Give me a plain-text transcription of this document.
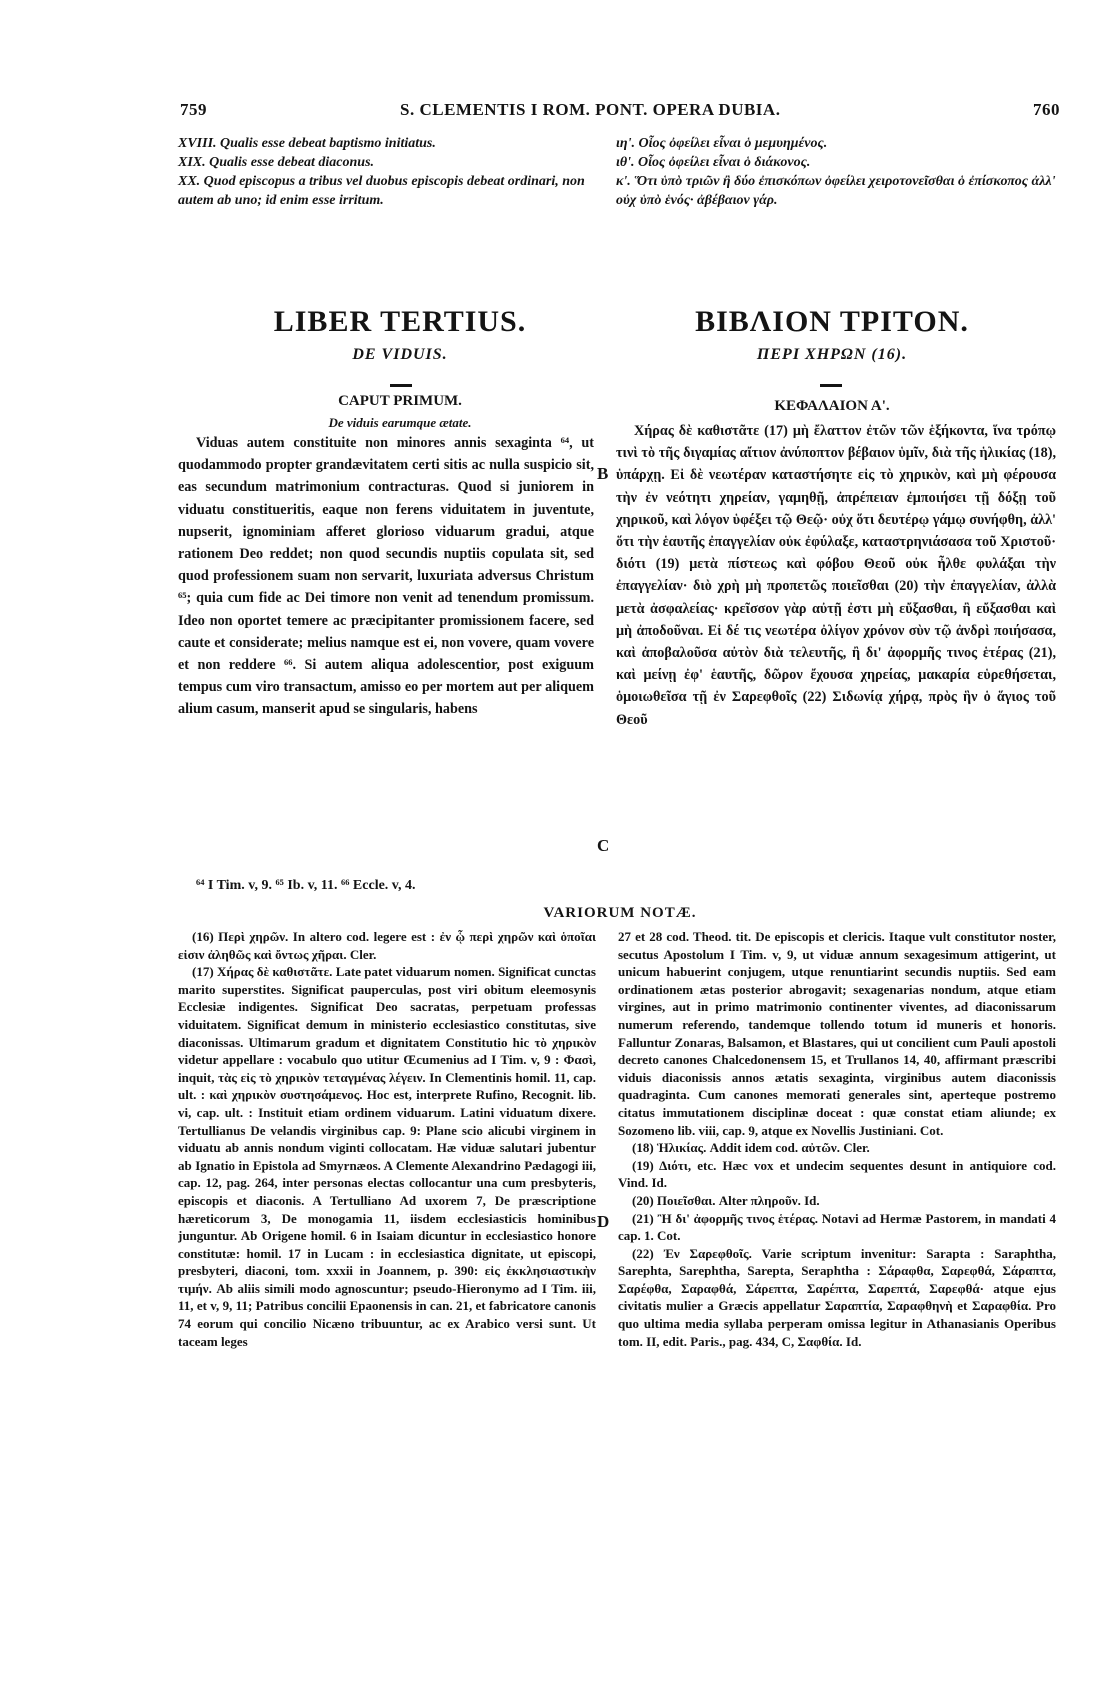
759	S. CLEMENTIS I ROM. PONT. OPERA DUBIA.	760
XVIII. Qualis esse debeat baptismo initiatus.
XIX. Qualis esse debeat diaconus.
XX. Quod episcopus a tribus vel duobus episcopis debeat ordinari, non autem ab uno; id enim esse irritum.
ιη'. Οἷος ὀφείλει εἶναι ὁ μεμυημένος.
ιθ'. Οἷος ὀφείλει εἶναι ὁ διάκονος.
κ'. Ὅτι ὑπὸ τριῶν ἢ δύο ἐπισκόπων ὀφείλει χειροτονεῖσθαι ὁ ἐπίσκοπος ἀλλ' οὐχ ὑπὸ ἑνός· ἀβέβαιον γάρ.
LIBER TERTIUS.
DE VIDUIS.
CAPUT PRIMUM.
De viduis earumque ætate.
ΒΙΒΛΙΟΝ ΤΡΙΤΟΝ.
ΠΕΡΙ ΧΗΡΩΝ (16).
ΚΕΦΑΛΑΙΟΝ Α'.

Viduas autem constituite non minores annis sexaginta ⁶⁴, ut quodammodo propter grandævitatem certi sitis ac nulla suspicio sit, eas secundum matrimonium contracturas. Quod si juniorem in viduatu constitueritis, eaque non ferens viduitatem in juventute, nupserit, ignominiam afferet glorioso viduarum gradui, atque rationem Deo reddet; non quod secundis nuptiis copulata sit, sed quod professionem suam non servarit, luxuriata adversus Christum ⁶⁵; quia cum fide ac Dei timore non venit ad tenendum promissum. Ideo non oportet temere ac præcipitanter promissionem facere, sed caute et considerate; melius namque est ei, non vovere, quam vovere et non reddere ⁶⁶. Si autem aliqua adolescentior, post exiguum tempus cum viro transactum, amisso eo per mortem aut per aliquem alium casum, manserit apud se singularis, habens

Χήρας δὲ καθιστᾶτε (17) μὴ ἔλαττον ἐτῶν τῶν ἑξήκοντα, ἵνα τρόπῳ τινὶ τὸ τῆς διγαμίας αἴτιον ἀνύποπτον βέβαιον ὑμῖν, διὰ τῆς ἡλικίας (18), ὑπάρχῃ. Εἰ δὲ νεωτέραν καταστήσητε εἰς τὸ χηρικὸν, καὶ μὴ φέρουσα τὴν ἐν νεότητι χηρείαν, γαμηθῇ, ἀπρέπειαν ἐμποιήσει τῇ δόξῃ τοῦ χηρικοῦ, καὶ λόγον ὑφέξει τῷ Θεῷ· οὐχ ὅτι δευτέρῳ γάμῳ συνήφθη, ἀλλ' ὅτι τὴν ἑαυτῆς ἐπαγγελίαν οὐκ ἐφύλαξε, καταστρηνιάσασα τοῦ Χριστοῦ· διότι (19) μετὰ πίστεως καὶ φόβου Θεοῦ οὐκ ἦλθε φυλάξαι τὴν ἐπαγγελίαν· διὸ χρὴ μὴ προπετῶς ποιεῖσθαι (20) τὴν ἐπαγγελίαν, ἀλλὰ μετὰ ἀσφαλείας· κρεῖσσον γὰρ αὐτῇ ἐστι μὴ εὔξασθαι, ἢ εὔξασθαι καὶ μὴ ἀποδοῦναι. Εἰ δέ τις νεωτέρα ὀλίγον χρόνον σὺν τῷ ἀνδρὶ ποιήσασα, καὶ ἀποβαλοῦσα αὐτὸν διὰ τελευτῆς, ἢ δι' ἀφορμῆς τινος ἑτέρας (21), καὶ μείνῃ ἐφ' ἑαυτῆς, δῶρον ἔχουσα χηρείας, μακαρία εὑρεθήσεται, ὁμοιωθεῖσα τῇ ἐν Σαρεφθοῖς (22) Σιδωνίᾳ χήρᾳ, πρὸς ἣν ὁ ἅγιος τοῦ Θεοῦ

B
C
D
⁶⁴ I Tim. v, 9. ⁶⁵ Ib. v, 11. ⁶⁶ Eccle. v, 4.
VARIORUM NOTÆ.

(16) Περὶ χηρῶν. In altero cod. legere est : ἐν ᾧ περὶ χηρῶν καὶ ὁποῖαι εἰσιν ἀληθῶς καὶ ὄντως χῆραι. Cler.

(17) Χήρας δὲ καθιστᾶτε. Late patet viduarum nomen. Significat cunctas marito superstites. Significat pauperculas, post viri obitum eleemosynis Ecclesiæ indigentes. Significat Deo sacratas, perpetuam professas viduitatem. Significat demum in ministerio ecclesiastico constitutas, sive diaconissas. Ultimarum gradum et dignitatem Constitutio hic τὸ χηρικὸν videtur appellare : vocabulo quo utitur Œcumenius ad I Tim. v, 9 : Φασὶ, inquit, τὰς εἰς τὸ χηρικὸν τεταγμένας λέγειν. In Clementinis homil. 11, cap. ult. : καὶ χηρικὸν συστησάμενος. Hoc est, interprete Rufino, Recognit. lib. vi, cap. ult. : Instituit etiam ordinem viduarum. Latini viduatum dixere. Tertullianus De velandis virginibus cap. 9: Plane scio alicubi virginem in viduatu ab annis nondum viginti collocatam. Hæ viduæ salutari jubentur ab Ignatio in Epistola ad Smyrnæos. A Clemente Alexandrino Pædagogi iii, cap. 12, pag. 264, inter personas electas collocantur una cum presbyteris, episcopis et diaconis. A Tertulliano Ad uxorem 7, De præscriptione hæreticorum 3, De monogamia 11, iisdem ecclesiasticis hominibus junguntur. Ab Origene homil. 6 in Isaiam dicuntur in ecclesiastico honore constitutæ: homil. 17 in Lucam : in ecclesiastica dignitate, ut episcopi, presbyteri, diaconi, tom. xxxii in Joannem, p. 390: εἰς ἐκκλησιαστικὴν τιμήν. Ab aliis simili modo agnoscuntur; pseudo-Hieronymo ad I Tim. iii, 11, et v, 9, 11; Patribus concilii Epaonensis in can. 21, et fabricatore canonis 74 eorum qui concilio Nicæno tribuuntur, ac ex Arabico versi sunt. Ut taceam leges

27 et 28 cod. Theod. tit. De episcopis et clericis. Itaque vult constitutor noster, secutus Apostolum I Tim. v, 9, ut viduæ annum sexagesimum attigerint, ut unicum habuerint conjugem, utque renuntiarint secundis nuptiis. Sed eam ordinationem ætas posterior abrogavit; sexagenarias nondum, atque etiam virgines, aut in primo matrimonio continenter viventes, ad diaconissarum numerum referendo, tandemque tollendo totum id muneris et honoris. Falluntur Zonaras, Balsamon, et Blastares, qui ut concilient cum Pauli apostoli decreto canones Chalcedonensem 15, et Trullanos 14, 40, affirmant præscribi viduis diaconissis annos ætatis sexaginta, virginibus autem diaconissis quadraginta. Cum canones memorati generales sint, aperteque postremo citatus immutationem disciplinæ doceat : quæ constat etiam aliunde; ex Sozomeno lib. viii, cap. 9, atque ex Novellis Justiniani. Cot.

(18) Ἡλικίας. Addit idem cod. αὐτῶν. Cler.

(19) Διότι, etc. Hæc vox et undecim sequentes desunt in antiquiore cod. Vind. Id.

(20) Ποιεῖσθαι. Alter πληροῦν. Id.

(21) Ἢ δι' ἀφορμῆς τινος ἑτέρας. Notavi ad Hermæ Pastorem, in mandati 4 cap. 1. Cot.

(22) Ἐν Σαρεφθοῖς. Varie scriptum invenitur: Sarapta : Saraphtha, Sarephta, Sarephtha, Sarepta, Seraphtha : Σάραφθα, Σαρεφθά, Σάραπτα, Σαρέφθα, Σαραφθά, Σάρεπτα, Σαρέπτα, Σαρεπτά, Σαρεφθά· atque ejus civitatis mulier a Græcis appellatur Σαραπτία, Σαραφθηνὴ et Σαραφθία. Pro quo ultima media syllaba perperam omissa legitur in Athanasianis Operibus tom. II, edit. Paris., pag. 434, C, Σαφθία. Id.
